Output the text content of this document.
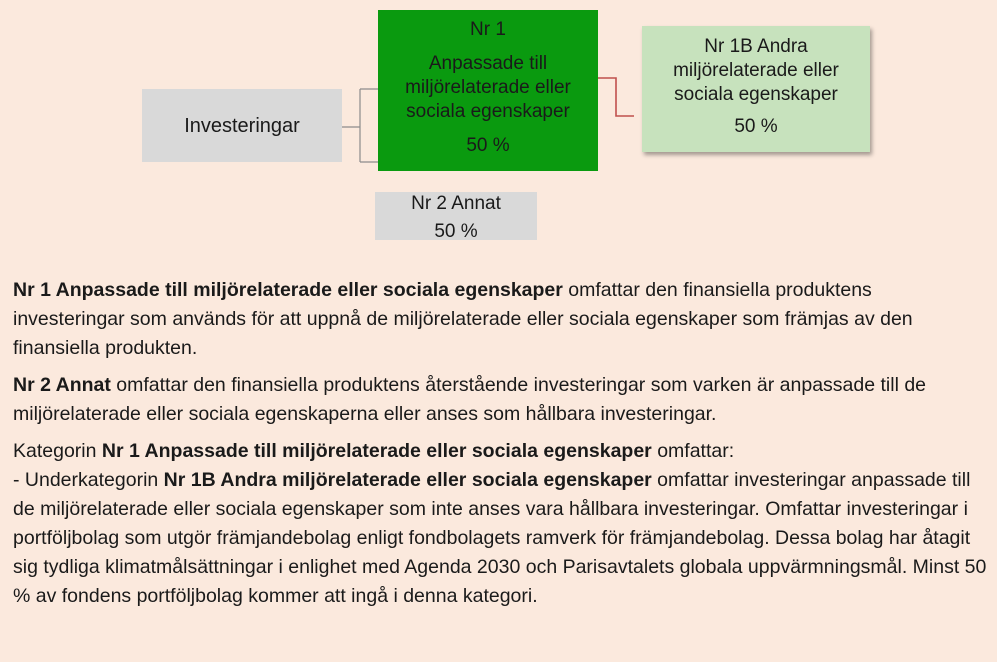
Investeringar
Nr 1
Anpassade till miljörelaterade eller sociala egenskaper
50 %
Nr 1B Andra miljörelaterade eller sociala egenskaper
50 %
Nr 2 Annat
50 %

Nr 1 Anpassade till miljörelaterade eller sociala egenskaper omfattar den finansiella produktens investeringar som används för att uppnå de miljörelaterade eller sociala egenskaper som främjas av den finansiella produkten.

Nr 2 Annat omfattar den finansiella produktens återstående investeringar som varken är anpassade till de miljörelaterade eller sociala egenskaperna eller anses som hållbara investeringar.

Kategorin Nr 1 Anpassade till miljörelaterade eller sociala egenskaper omfattar:
- Underkategorin Nr 1B Andra miljörelaterade eller sociala egenskaper omfattar investeringar anpassade till de miljörelaterade eller sociala egenskaper som inte anses vara hållbara investeringar. Omfattar investeringar i portföljbolag som utgör främjandebolag enligt fondbolagets ramverk för främjandebolag. Dessa bolag har åtagit sig tydliga klimatmålsättningar i enlighet med Agenda 2030 och Parisavtalets globala uppvärmningsmål. Minst 50 % av fondens portföljbolag kommer att ingå i denna kategori.
